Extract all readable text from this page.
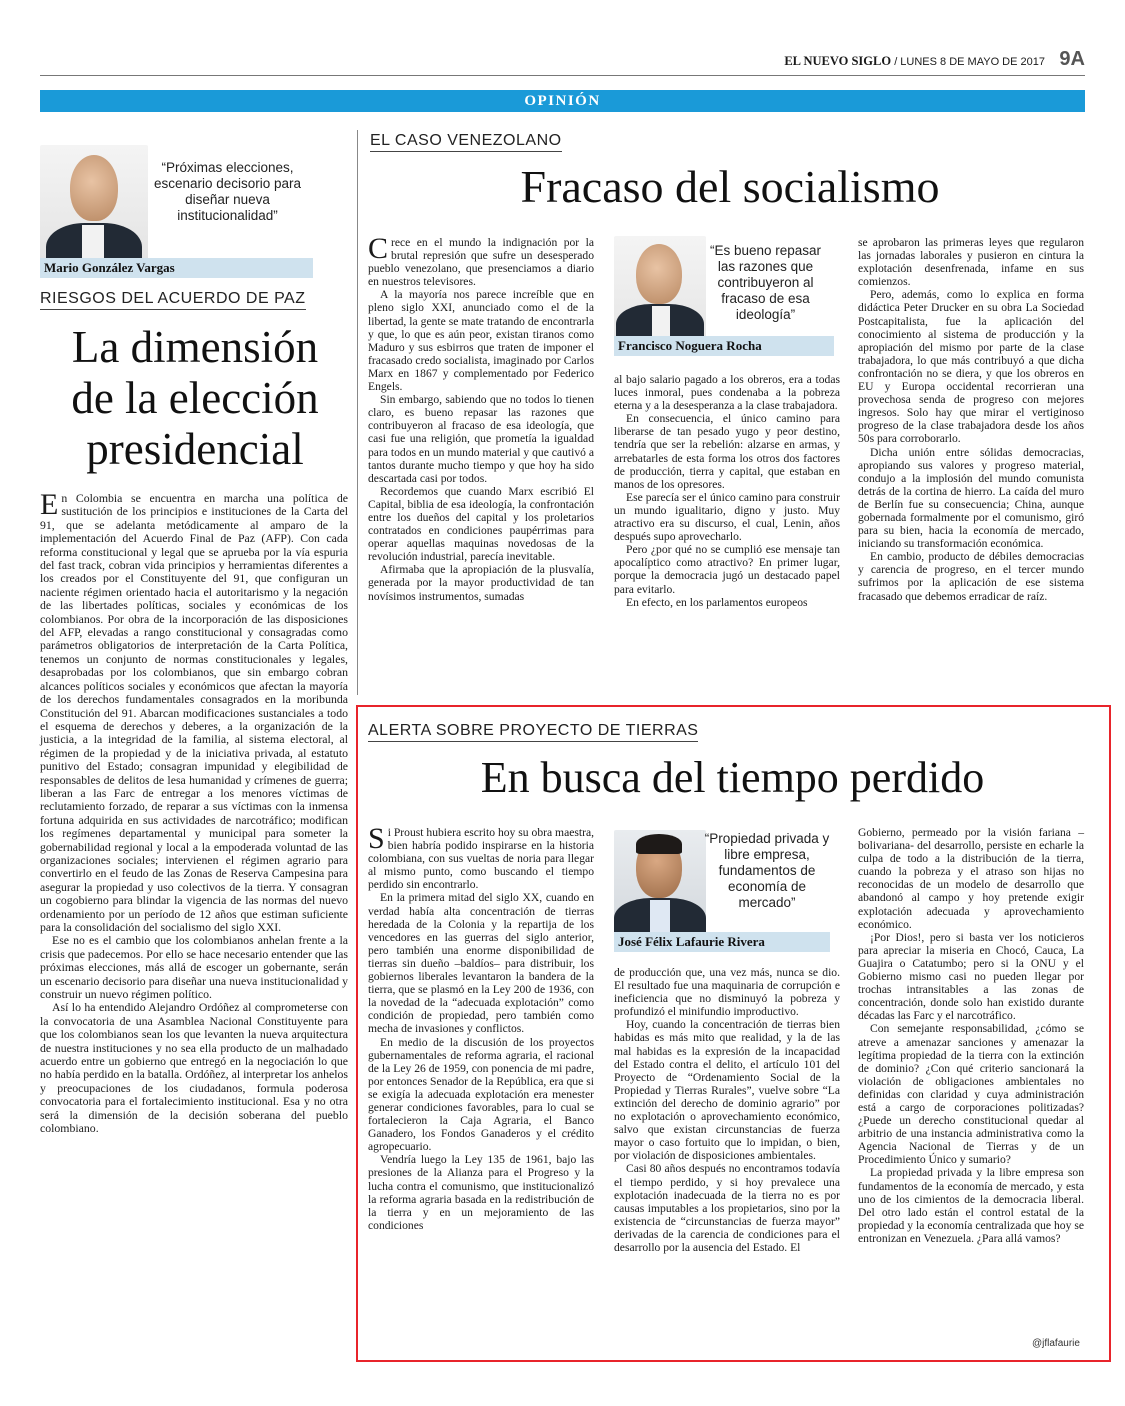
EL NUEVO SIGLO / LUNES 8 DE MAYO DE 2017 9A
OPINIÓN
“Próximas elecciones, escenario decisorio para diseñar nueva institucionalidad”
Mario González Vargas
RIESGOS DEL ACUERDO DE PAZ
La dimensión
de la elección
presidencial

En Colombia se encuentra en marcha una política de sustitución de los principios e instituciones de la Carta del 91, que se adelanta metódicamente al amparo de la implementación del Acuerdo Final de Paz (AFP). Con cada reforma constitucional y legal que se aprueba por la vía espuria del fast track, cobran vida principios y herramientas diferentes a los creados por el Constituyente del 91, que configuran un naciente régimen orientado hacia el autoritarismo y la negación de las libertades políticas, sociales y económicas de los colombianos. Por obra de la incorporación de las disposiciones del AFP, elevadas a rango constitucional y consagradas como parámetros obligatorios de interpretación de la Carta Política, tenemos un conjunto de normas constitucionales y legales, desaprobadas por los colombianos, que sin embargo cobran alcances políticos sociales y económicos que afectan la mayoría de los derechos fundamentales consagrados en la moribunda Constitución del 91. Abarcan modificaciones sustanciales a todo el esquema de derechos y deberes, a la organización de la justicia, a la integridad de la familia, al sistema electoral, al régimen de la propiedad y de la iniciativa privada, al estatuto punitivo del Estado; consagran impunidad y elegibilidad de responsables de delitos de lesa humanidad y crímenes de guerra; liberan a las Farc de entregar a los menores víctimas de reclutamiento forzado, de reparar a sus víctimas con la inmensa fortuna adquirida en sus actividades de narcotráfico; modifican los regímenes departamental y municipal para someter la gobernabilidad regional y local a la empoderada voluntad de las organizaciones sociales; intervienen el régimen agrario para convertirlo en el feudo de las Zonas de Reserva Campesina para asegurar la propiedad y uso colectivos de la tierra. Y consagran un cogobierno para blindar la vigencia de las normas del nuevo ordenamiento por un período de 12 años que estiman suficiente para la consolidación del socialismo del siglo XXI.

Ese no es el cambio que los colombianos anhelan frente a la crisis que padecemos. Por ello se hace necesario entender que las próximas elecciones, más allá de escoger un gobernante, serán un escenario decisorio para diseñar una nueva institucionalidad y construir un nuevo régimen político.

Así lo ha entendido Alejandro Ordóñez al comprometerse con la convocatoria de una Asamblea Nacional Constituyente para que los colombianos sean los que levanten la nueva arquitectura de nuestra instituciones y no sea ella producto de un malhadado acuerdo entre un gobierno que entregó en la negociación lo que no había perdido en la batalla. Ordóñez, al interpretar los anhelos y preocupaciones de los ciudadanos, formula poderosa convocatoria para el fortalecimiento institucional. Esa y no otra será la dimensión de la decisión soberana del pueblo colombiano.

EL CASO VENEZOLANO
Fracaso del socialismo

Crece en el mundo la indignación por la brutal represión que sufre un desesperado pueblo venezolano, que presenciamos a diario en nuestros televisores.

A la mayoría nos parece increíble que en pleno siglo XXI, anunciado como el de la libertad, la gente se mate tratando de encontrarla y que, lo que es aún peor, existan tiranos como Maduro y sus esbirros que traten de imponer el fracasado credo socialista, imaginado por Carlos Marx en 1867 y complementado por Federico Engels.

Sin embargo, sabiendo que no todos lo tienen claro, es bueno repasar las razones que contribuyeron al fracaso de esa ideología, que casi fue una religión, que prometía la igualdad para todos en un mundo material y que cautivó a tantos durante mucho tiempo y que hoy ha sido descartada casi por todos.

Recordemos que cuando Marx escribió El Capital, biblia de esa ideología, la confrontación entre los dueños del capital y los proletarios contratados en condiciones paupérrimas para operar aquellas maquinas novedosas de la revolución industrial, parecía inevitable.

Afirmaba que la apropiación de la plusvalía, generada por la mayor productividad de tan novísimos instrumentos, sumadas

“Es bueno repasar las razones que contribuyeron al fracaso de esa ideología”
Francisco Noguera Rocha

al bajo salario pagado a los obreros, era a todas luces inmoral, pues condenaba a la pobreza eterna y a la desesperanza a la clase trabajadora.

En consecuencia, el único camino para liberarse de tan pesado yugo y peor destino, tendría que ser la rebelión: alzarse en armas, y arrebatarles de esta forma los otros dos factores de producción, tierra y capital, que estaban en manos de los opresores.

Ese parecía ser el único camino para construir un mundo igualitario, digno y justo. Muy atractivo era su discurso, el cual, Lenin, años después supo aprovecharlo.

Pero ¿por qué no se cumplió ese mensaje tan apocalíptico como atractivo? En primer lugar, porque la democracia jugó un destacado papel para evitarlo.

En efecto, en los parlamentos europeos

se aprobaron las primeras leyes que regularon las jornadas laborales y pusieron en cintura la explotación desenfrenada, infame en sus comienzos.

Pero, además, como lo explica en forma didáctica Peter Drucker en su obra La Sociedad Postcapitalista, fue la aplicación del conocimiento al sistema de producción y la apropiación del mismo por parte de la clase trabajadora, lo que más contribuyó a que dicha confrontación no se diera, y que los obreros en EU y Europa occidental recorrieran una provechosa senda de progreso con mejores ingresos. Solo hay que mirar el vertiginoso progreso de la clase trabajadora desde los años 50s para corroborarlo.

Dicha unión entre sólidas democracias, apropiando sus valores y progreso material, condujo a la implosión del mundo comunista detrás de la cortina de hierro. La caída del muro de Berlín fue su consecuencia; China, aunque gobernada formalmente por el comunismo, giró para su bien, hacia la economía de mercado, iniciando su transformación económica.

En cambio, producto de débiles democracias y carencia de progreso, en el tercer mundo sufrimos por la aplicación de ese sistema fracasado que debemos erradicar de raíz.

ALERTA SOBRE PROYECTO DE TIERRAS
En busca del tiempo perdido

Si Proust hubiera escrito hoy su obra maestra, bien habría podido inspirarse en la historia colombiana, con sus vueltas de noria para llegar al mismo punto, como buscando el tiempo perdido sin encontrarlo.

En la primera mitad del siglo XX, cuando en verdad había alta concentración de tierras heredada de la Colonia y la repartija de los vencedores en las guerras del siglo anterior, pero también una enorme disponibilidad de tierras sin dueño –baldíos– para distribuir, los gobiernos liberales levantaron la bandera de la tierra, que se plasmó en la Ley 200 de 1936, con la novedad de la “adecuada explotación” como condición de propiedad, pero también como mecha de invasiones y conflictos.

En medio de la discusión de los proyectos gubernamentales de reforma agraria, el racional de la Ley 26 de 1959, con ponencia de mi padre, por entonces Senador de la República, era que si se exigía la adecuada explotación era menester generar condiciones favorables, para lo cual se fortalecieron la Caja Agraria, el Banco Ganadero, los Fondos Ganaderos y el crédito agropecuario.

Vendría luego la Ley 135 de 1961, bajo las presiones de la Alianza para el Progreso y la lucha contra el comunismo, que institucionalizó la reforma agraria basada en la redistribución de la tierra y en un mejoramiento de las condiciones

“Propiedad privada y libre empresa, fundamentos de economía de mercado”
José Félix Lafaurie Rivera

de producción que, una vez más, nunca se dio. El resultado fue una maquinaria de corrupción e ineficiencia que no disminuyó la pobreza y profundizó el minifundio improductivo.

Hoy, cuando la concentración de tierras bien habidas es más mito que realidad, y la de las mal habidas es la expresión de la incapacidad del Estado contra el delito, el artículo 101 del Proyecto de “Ordenamiento Social de la Propiedad y Tierras Rurales”, vuelve sobre “La extinción del derecho de dominio agrario” por no explotación o aprovechamiento económico, salvo que existan circunstancias de fuerza mayor o caso fortuito que lo impidan, o bien, por violación de disposiciones ambientales.

Casi 80 años después no encontramos todavía el tiempo perdido, y si hoy prevalece una explotación inadecuada de la tierra no es por causas imputables a los propietarios, sino por la existencia de “circunstancias de fuerza mayor” derivadas de la carencia de condiciones para el desarrollo por la ausencia del Estado. El

Gobierno, permeado por la visión fariana –bolivariana- del desarrollo, persiste en echarle la culpa de todo a la distribución de la tierra, cuando la pobreza y el atraso son hijas no reconocidas de un modelo de desarrollo que abandonó al campo y hoy pretende exigir explotación adecuada y aprovechamiento económico.

¡Por Dios!, pero si basta ver los noticieros para apreciar la miseria en Chocó, Cauca, La Guajira o Catatumbo; pero si la ONU y el Gobierno mismo casi no pueden llegar por trochas intransitables a las zonas de concentración, donde solo han existido durante décadas las Farc y el narcotráfico.

Con semejante responsabilidad, ¿cómo se atreve a amenazar sanciones y amenazar la legítima propiedad de la tierra con la extinción de dominio? ¿Con qué criterio sancionará la violación de obligaciones ambientales no definidas con claridad y cuya administración está a cargo de corporaciones politizadas? ¿Puede un derecho constitucional quedar al arbitrio de una instancia administrativa como la Agencia Nacional de Tierras y de un Procedimiento Único y sumario?

La propiedad privada y la libre empresa son fundamentos de la economía de mercado, y esta uno de los cimientos de la democracia liberal. Del otro lado están el control estatal de la propiedad y la economía centralizada que hoy se entronizan en Venezuela. ¿Para allá vamos?

@jflafaurie
